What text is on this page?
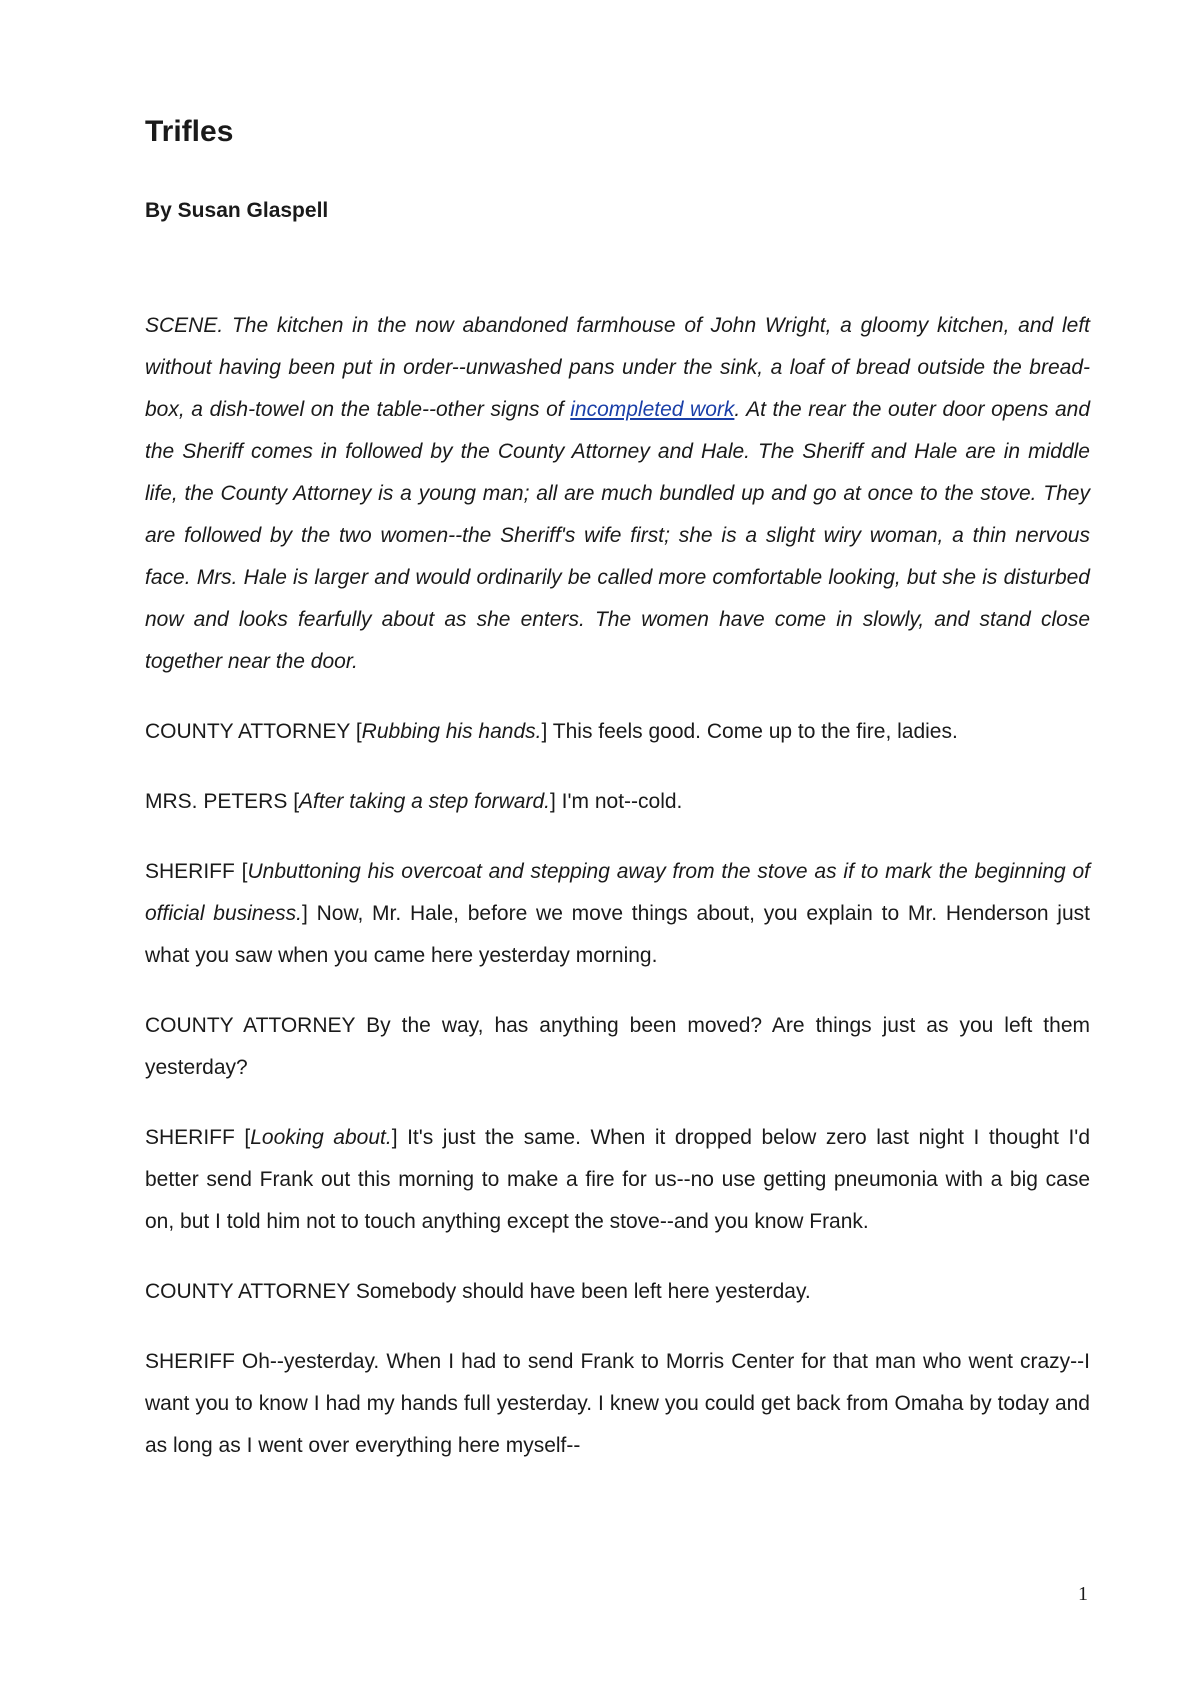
Trifles
By Susan Glaspell

SCENE. The kitchen in the now abandoned farmhouse of John Wright, a gloomy kitchen, and left without having been put in order--unwashed pans under the sink, a loaf of bread outside the bread-box, a dish-towel on the table--other signs of incompleted work. At the rear the outer door opens and the Sheriff comes in followed by the County Attorney and Hale. The Sheriff and Hale are in middle life, the County Attorney is a young man; all are much bundled up and go at once to the stove. They are followed by the two women--the Sheriff's wife first; she is a slight wiry woman, a thin nervous face. Mrs. Hale is larger and would ordinarily be called more comfortable looking, but she is disturbed now and looks fearfully about as she enters. The women have come in slowly, and stand close together near the door.

COUNTY ATTORNEY [Rubbing his hands.] This feels good. Come up to the fire, ladies.

MRS. PETERS [After taking a step forward.] I'm not--cold.

SHERIFF [Unbuttoning his overcoat and stepping away from the stove as if to mark the beginning of official business.] Now, Mr. Hale, before we move things about, you explain to Mr. Henderson just what you saw when you came here yesterday morning.

COUNTY ATTORNEY By the way, has anything been moved? Are things just as you left them yesterday?

SHERIFF [Looking about.] It's just the same. When it dropped below zero last night I thought I'd better send Frank out this morning to make a fire for us--no use getting pneumonia with a big case on, but I told him not to touch anything except the stove--and you know Frank.

COUNTY ATTORNEY Somebody should have been left here yesterday.

SHERIFF Oh--yesterday. When I had to send Frank to Morris Center for that man who went crazy--I want you to know I had my hands full yesterday. I knew you could get back from Omaha by today and as long as I went over everything here myself--

1
